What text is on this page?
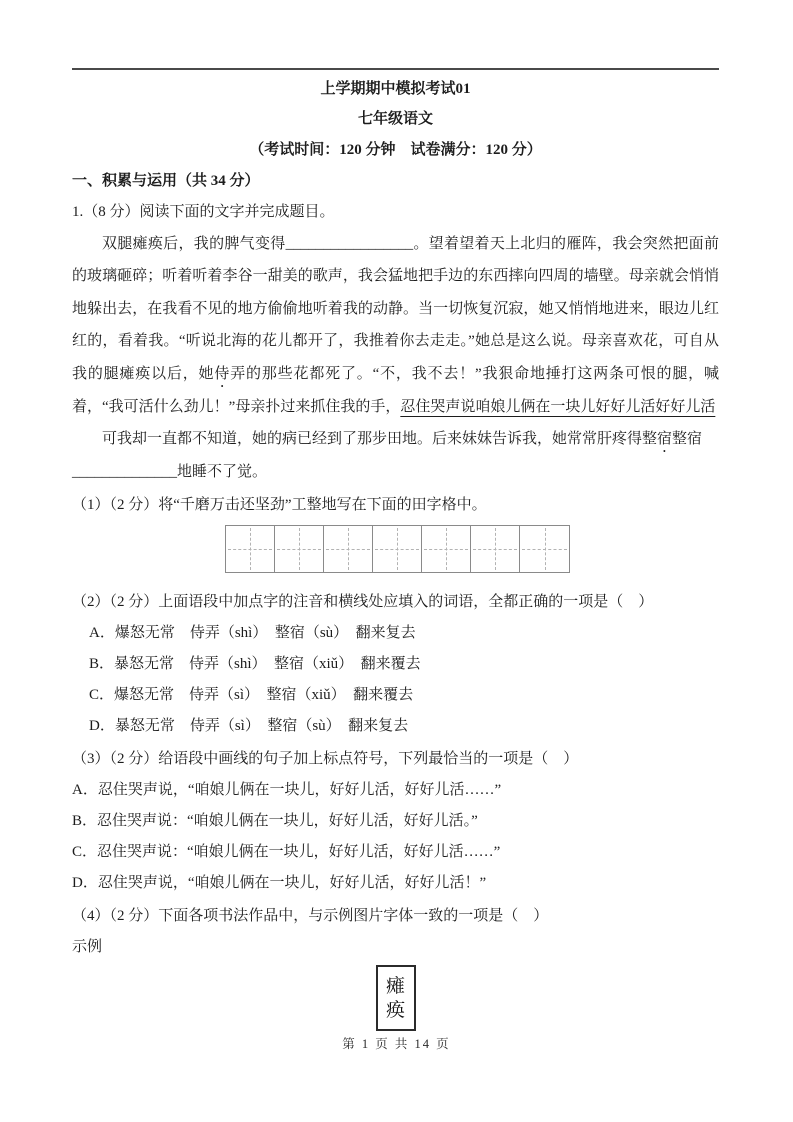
上学期期中模拟考试01
七年级语文
（考试时间：120 分钟　试卷满分：120 分）
一、积累与运用（共 34 分）
1.（8 分）阅读下面的文字并完成题目。
双腿瘫痪后，我的脾气变得_________________。望着望着天上北归的雁阵，我会突然把面前的玻璃砸碎；听着听着李谷一甜美的歌声，我会猛地把手边的东西摔向四周的墙壁。母亲就会悄悄地躲出去，在我看不见的地方偷偷地听着我的动静。当一切恢复沉寂，她又悄悄地进来，眼边儿红红的，看着我。“听说北海的花儿都开了，我推着你去走走。”她总是这么说。母亲喜欢花，可自从我的腿瘫痪以后，她侍弄的那些花都死了。“不，我不去！”我狠命地捶打这两条可恨的腿，喊着，“我可活什么劲儿！”母亲扑过来抓住我的手，忍住哭声说咱娘儿俩在一块儿好好儿活好好儿活
可我却一直都不知道，她的病已经到了那步田地。后来妹妹告诉我，她常常肝疼得整宿整宿
______________地睡不了觉。
（1）（2 分）将“千磨万击还坚劲”工整地写在下面的田字格中。
（2）（2 分）上面语段中加点字的注音和横线处应填入的词语，全都正确的一项是（　）
A．爆怒无常　侍弄（shì）　整宿（sù）　翻来复去
B．暴怒无常　侍弄（shì）　整宿（xiǔ）　翻来覆去
C．爆怒无常　侍弄（sì）　整宿（xiǔ）　翻来覆去
D．暴怒无常　侍弄（sì）　整宿（sù）　翻来复去
（3）（2 分）给语段中画线的句子加上标点符号，下列最恰当的一项是（　）
A．忍住哭声说，“咱娘儿俩在一块儿，好好儿活，好好儿活……”
B．忍住哭声说：“咱娘儿俩在一块儿，好好儿活，好好儿活。”
C．忍住哭声说：“咱娘儿俩在一块儿，好好儿活，好好儿活……”
D．忍住哭声说，“咱娘儿俩在一块儿，好好儿活，好好儿活！”
（4）（2 分）下面各项书法作品中，与示例图片字体一致的一项是（　）
示例
瘫
痪
第 1 页 共 14 页
